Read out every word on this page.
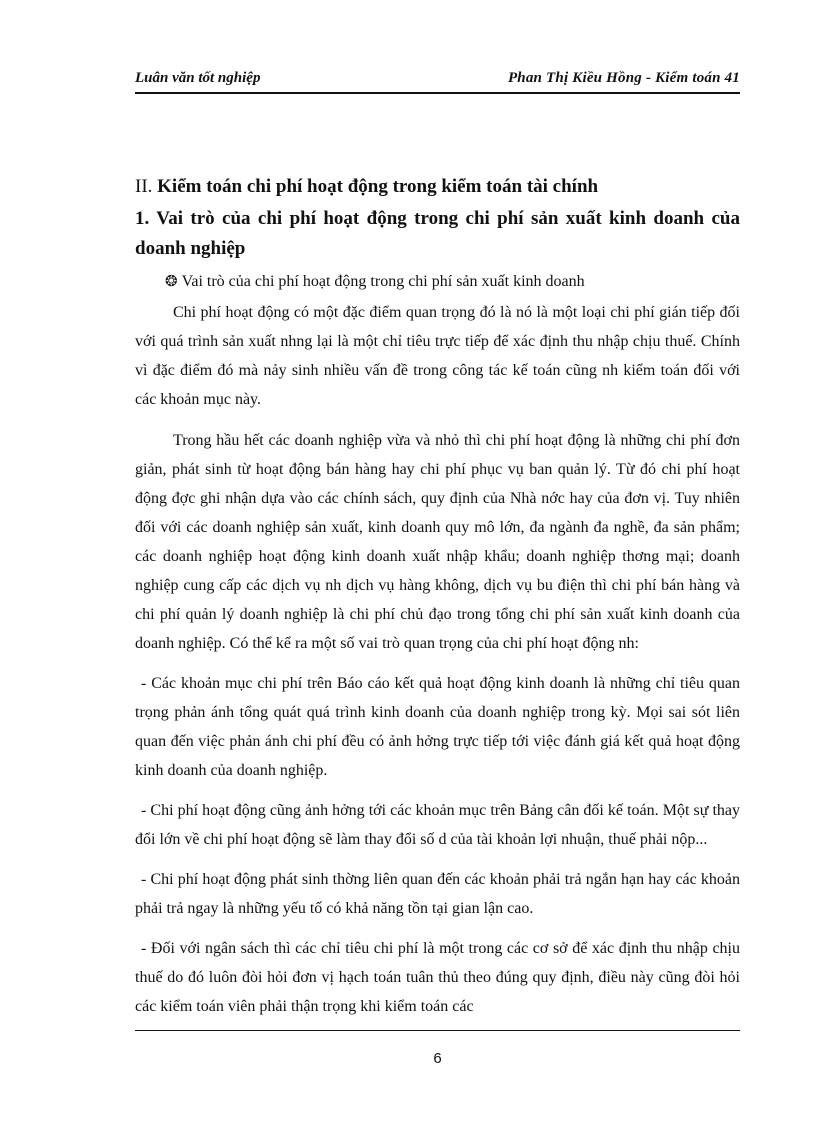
Luân văn tốt nghiệp	Phan Thị Kiều Hồng - Kiểm toán 41
II. Kiểm toán chi phí hoạt động trong kiểm toán tài chính
1. Vai trò của chi phí hoạt động trong chi phí sản xuất kinh doanh của doanh nghiệp
❂ Vai trò của chi phí hoạt động trong chi phí sản xuất kinh doanh

Chi phí hoạt động có một đặc điểm quan trọng đó là nó là một loại chi phí gián tiếp đối với quá trình sản xuất nhng lại là một chỉ tiêu trực tiếp để xác định thu nhập chịu thuế. Chính vì đặc điểm đó mà nảy sinh nhiều vấn đề trong công tác kế toán cũng nh kiểm toán đối với các khoản mục này.

Trong hầu hết các doanh nghiệp vừa và nhỏ thì chi phí hoạt động là những chi phí đơn giản, phát sinh từ hoạt động bán hàng hay chi phí phục vụ ban quản lý. Từ đó chi phí hoạt động đợc ghi nhận dựa vào các chính sách, quy định của Nhà nớc hay của đơn vị. Tuy nhiên đối với các doanh nghiệp sản xuất, kinh doanh quy mô lớn, đa ngành đa nghề, đa sản phẩm; các doanh nghiệp hoạt động kinh doanh xuất nhập khẩu; doanh nghiệp thơng mại; doanh nghiệp cung cấp các dịch vụ nh dịch vụ hàng không, dịch vụ bu điện thì chi phí bán hàng và chi phí quản lý doanh nghiệp là chi phí chủ đạo trong tổng chi phí sản xuất kinh doanh của doanh nghiệp. Có thể kể ra một số vai trò quan trọng của chi phí hoạt động nh:

- Các khoản mục chi phí trên Báo cáo kết quả hoạt động kinh doanh là những chỉ tiêu quan trọng phản ánh tổng quát quá trình kinh doanh của doanh nghiệp trong kỳ. Mọi sai sót liên quan đến việc phản ánh chi phí đều có ảnh hởng trực tiếp tới việc đánh giá kết quả hoạt động kinh doanh của doanh nghiệp.

- Chi phí hoạt động cũng ảnh hởng tới các khoản mục trên Bảng cân đối kế toán. Một sự thay đổi lớn về chi phí hoạt động sẽ làm thay đổi số d của tài khoản lợi nhuận, thuế phải nộp...

- Chi phí hoạt động phát sinh thờng liên quan đến các khoản phải trả ngắn hạn hay các khoản phải trả ngay là những yếu tố có khả năng tồn tại gian lận cao.

- Đối với ngân sách thì các chỉ tiêu chi phí là một trong các cơ sở để xác định thu nhập chịu thuế do đó luôn đòi hỏi đơn vị hạch toán tuân thủ theo đúng quy định, điều này cũng đòi hỏi các kiểm toán viên phải thận trọng khi kiểm toán các

6
